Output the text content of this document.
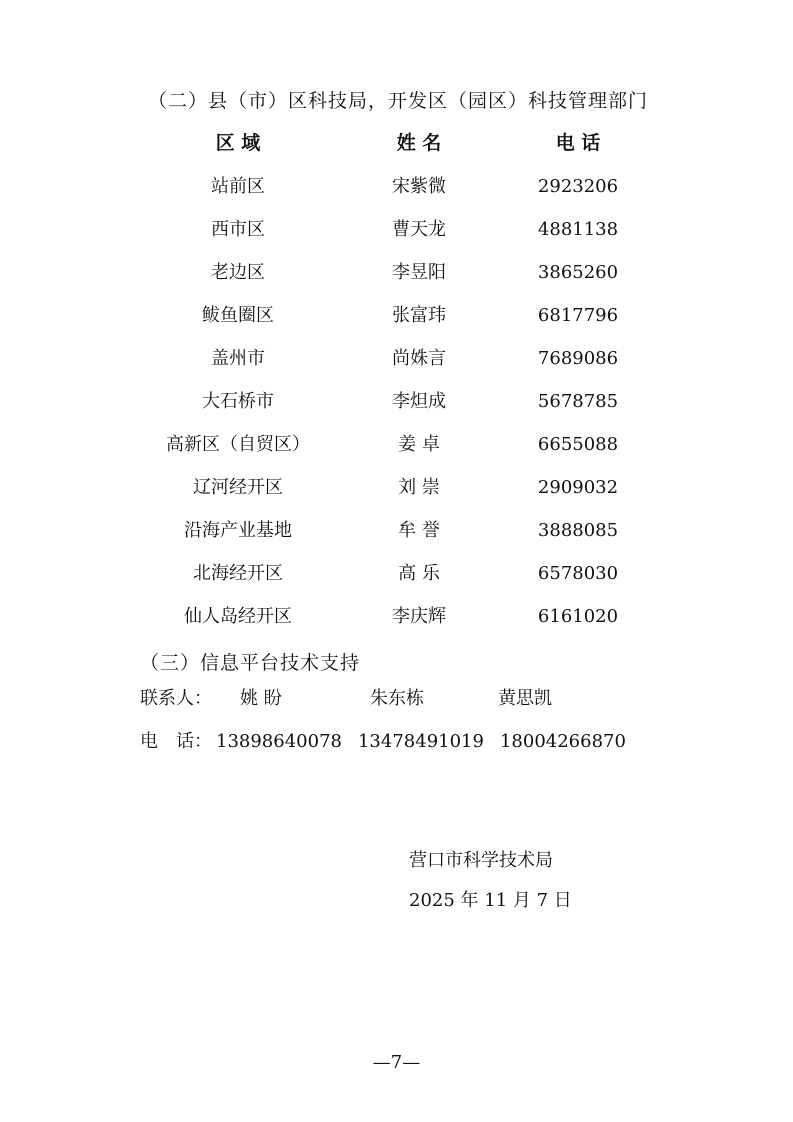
（二）县（市）区科技局，开发区（园区）科技管理部门
区 域	姓 名	电 话
站前区	宋紫微	2923206
西市区	曹天龙	4881138
老边区	李昱阳	3865260
鲅鱼圈区	张富玮	6817796
盖州市	尚姝言	7689086
大石桥市	李炟成	5678785
高新区（自贸区）	姜 卓	6655088
辽河经开区	刘 崇	2909032
沿海产业基地	牟 誉	3888085
北海经开区	高 乐	6578030
仙人岛经开区	李庆辉	6161020
（三）信息平台技术支持
联系人： 姚 盼	朱东栋	黄思凯
电　话： 13898640078 13478491019 18004266870
营口市科学技术局
2025 年 11 月 7 日
—7—
